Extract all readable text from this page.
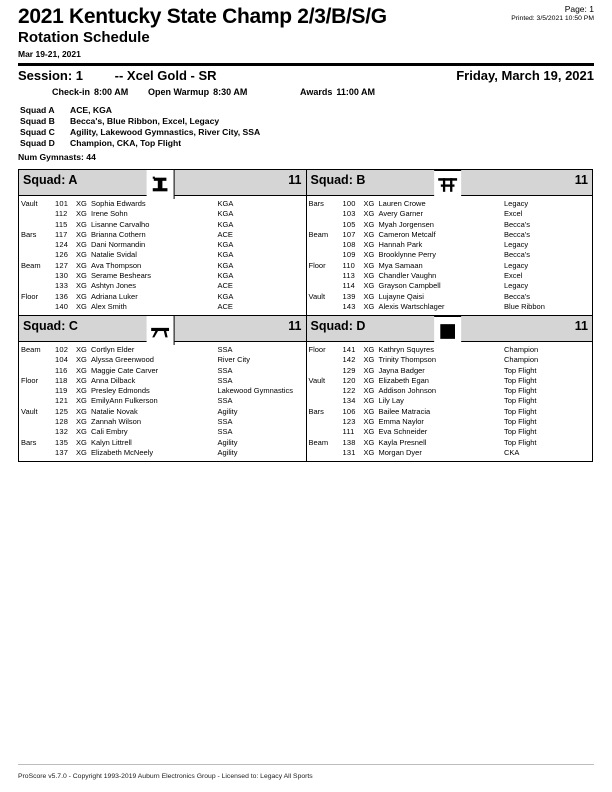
2021 Kentucky State Champ 2/3/B/S/G
Rotation Schedule
Mar 19-21, 2021
Page: 1
Printed: 3/5/2021 10:50 PM
Session: 1 -- Xcel Gold - SR	Friday, March 19, 2021
Check-in 8:00 AM Open Warmup 8:30 AM	Awards 11:00 AM
Squad A ACE, KGA
Squad B Becca's, Blue Ribbon, Excel, Legacy
Squad C Agility, Lakewood Gymnastics, River City, SSA
Squad D Champion, CKA, Top Flight
Num Gymnasts: 44
Squad: A	11
Vault	101	XG Sophia Edwards	KGA
112	XG Irene Sohn	KGA
115	XG Lisanne Carvalho	KGA
Bars	117	XG Brianna Cothern	ACE
124	XG Dani Normandin	KGA
126	XG Natalie Svidal	KGA
Beam	127	XG Ava Thompson	KGA
130	XG Serame Beshears	KGA
133	XG Ashtyn Jones	ACE
Floor	136	XG Adriana Luker	KGA
140	XG Alex Smith	ACE
Squad: B	11
Bars	100	XG Lauren Crowe	Legacy
103	XG Avery Garner	Excel
105	XG Myah Jorgensen	Becca's
Beam	107	XG Cameron Metcalf	Becca's
108	XG Hannah Park	Legacy
109	XG Brooklynne Perry	Becca's
Floor	110	XG Mya Samaan	Legacy
113	XG Chandler Vaughn	Excel
114	XG Grayson Campbell	Legacy
Vault	139	XG Lujayne Qaisi	Becca's
143	XG Alexis Wartschlager	Blue Ribbon
Squad: C	11
Beam	102	XG Cortlyn Elder	SSA
104	XG Alyssa Greenwood	River City
116	XG Maggie Cate Carver	SSA
Floor	118	XG Anna Dilback	SSA
119	XG Presley Edmonds	Lakewood Gymnastics
121	XG EmilyAnn Fulkerson	SSA
Vault	125	XG Natalie Novak	Agility
128	XG Zannah Wilson	SSA
132	XG Cali Embry	SSA
Bars	135	XG Kalyn Littrell	Agility
137	XG Elizabeth McNeely	Agility
Squad: D	11
Floor	141	XG Kathryn Squyres	Champion
142	XG Trinity Thompson	Champion
129	XG Jayna Badger	Top Flight
Vault	120	XG Elizabeth Egan	Top Flight
122	XG Addison Johnson	Top Flight
134	XG Lily Lay	Top Flight
Bars	106	XG Bailee Matracia	Top Flight
123	XG Emma Naylor	Top Flight
111	XG Eva Schneider	Top Flight
Beam	138	XG Kayla Presnell	Top Flight
131	XG Morgan Dyer	CKA
ProScore v5.7.0 - Copyright 1993-2019 Auburn Electronics Group - Licensed to: Legacy All Sports
